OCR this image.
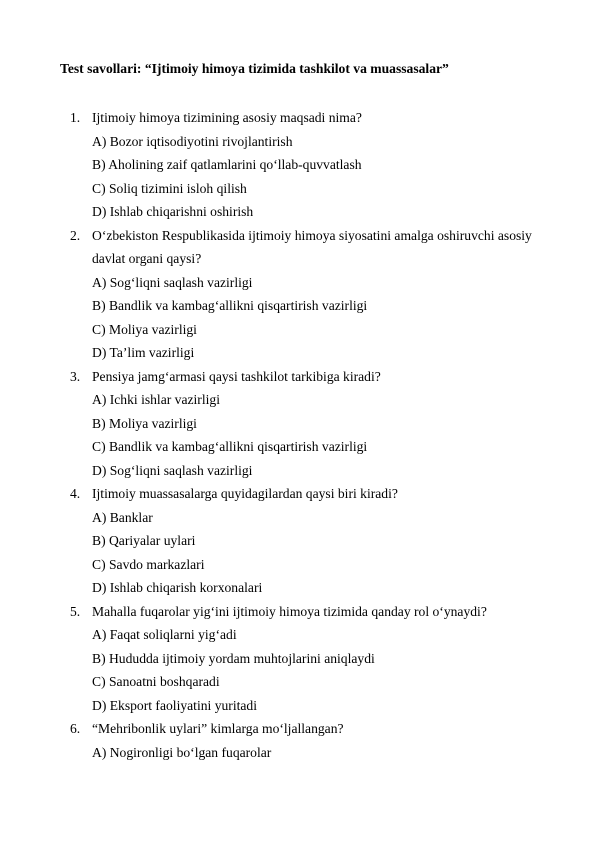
Test savollari: “Ijtimoiy himoya tizimida tashkilot va muassasalar”
1. Ijtimoiy himoya tizimining asosiy maqsadi nima?
A) Bozor iqtisodiyotini rivojlantirish
B) Aholining zaif qatlamlarini qo‘llab-quvvatlash
C) Soliq tizimini isloh qilish
D) Ishlab chiqarishni oshirish
2. O‘zbekiston Respublikasida ijtimoiy himoya siyosatini amalga oshiruvchi asosiy
davlat organi qaysi?
A) Sog‘liqni saqlash vazirligi
B) Bandlik va kambag‘allikni qisqartirish vazirligi
C) Moliya vazirligi
D) Ta’lim vazirligi
3. Pensiya jamg‘armasi qaysi tashkilot tarkibiga kiradi?
A) Ichki ishlar vazirligi
B) Moliya vazirligi
C) Bandlik va kambag‘allikni qisqartirish vazirligi
D) Sog‘liqni saqlash vazirligi
4. Ijtimoiy muassasalarga quyidagilardan qaysi biri kiradi?
A) Banklar
B) Qariyalar uylari
C) Savdo markazlari
D) Ishlab chiqarish korxonalari
5. Mahalla fuqarolar yig‘ini ijtimoiy himoya tizimida qanday rol o‘ynaydi?
A) Faqat soliqlarni yig‘adi
B) Hududda ijtimoiy yordam muhtojlarini aniqlaydi
C) Sanoatni boshqaradi
D) Eksport faoliyatini yuritadi
6. “Mehribonlik uylari” kimlarga mo‘ljallangan?
A) Nogironligi bo‘lgan fuqarolar
